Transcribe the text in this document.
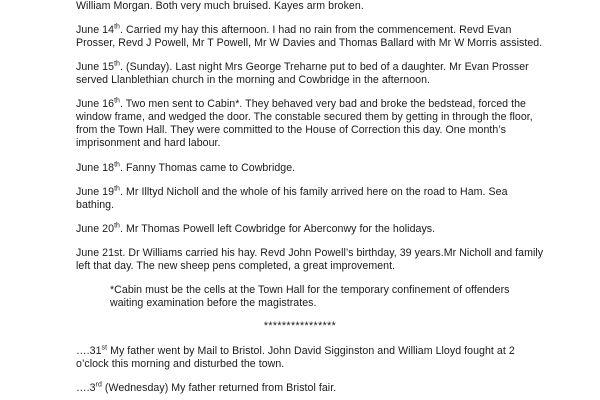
William Morgan. Both very much bruised. Kayes arm broken.
June 14th. Carried my hay this afternoon. I had no rain from the commencement. Revd Evan
Prosser, Revd J Powell, Mr T Powell, Mr W Davies and Thomas Ballard with Mr W Morris assisted.
June 15th. (Sunday). Last night Mrs George Treharne put to bed of a daughter. Mr Evan Prosser
served Llanblethian church in the morning and Cowbridge in the afternoon.
June 16th. Two men sent to Cabin*. They behaved very bad and broke the bedstead, forced the
window frame, and wedged the door. The constable secured them by getting in through the floor,
from the Town Hall. They were committed to the House of Correction this day. One month’s
imprisonment and hard labour.
June 18th. Fanny Thomas came to Cowbridge.
June 19th. Mr Illtyd Nicholl and the whole of his family arrived here on the road to Ham. Sea
bathing.
June 20th. Mr Thomas Powell left Cowbridge for Aberconwy for the holidays.
June 21st. Dr Williams carried his hay. Revd John Powell’s birthday, 39 years.Mr Nicholl and family
left that day. The new sheep pens completed, a great improvement.
*Cabin must be the cells at the Town Hall for the temporary confinement of offenders
waiting examination before the magistrates.
****************
….31st My father went by Mail to Bristol. John David Sigginston and William Lloyd fought at 2
o’clock this morning and disturbed the town.
….3rd (Wednesday) My father returned from Bristol fair.
